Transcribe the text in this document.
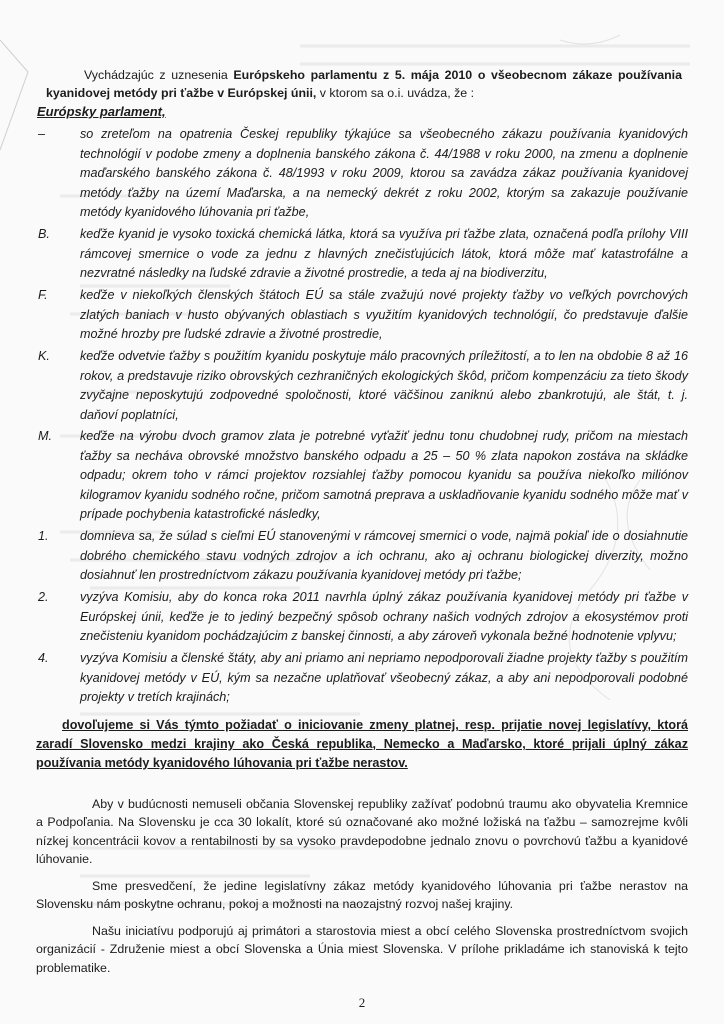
Vychádzajúc z uznesenia Európskeho parlamentu z 5. mája 2010 o všeobecnom zákaze používania kyanidovej metódy pri ťažbe v Európskej únii, v ktorom sa o.i. uvádza, že :
Európsky parlament,
–	so zreteľom na opatrenia Českej republiky týkajúce sa všeobecného zákazu používania kyanidových technológií v podobe zmeny a doplnenia banského zákona č. 44/1988 v roku 2000, na zmenu a doplnenie maďarského banského zákona č. 48/1993 v roku 2009, ktorou sa zavádza zákaz používania kyanidovej metódy ťažby na území Maďarska, a na nemecký dekrét z roku 2002, ktorým sa zakazuje používanie metódy kyanidového lúhovania pri ťažbe,
B.	keďže kyanid je vysoko toxická chemická látka, ktorá sa využíva pri ťažbe zlata, označená podľa prílohy VIII rámcovej smernice o vode za jednu z hlavných znečisťujúcich látok, ktorá môže mať katastrofálne a nezvratné následky na ľudské zdravie a životné prostredie, a teda aj na biodiverzitu,
F.	keďže v niekoľkých členských štátoch EÚ sa stále zvažujú nové projekty ťažby vo veľkých povrchových zlatých baniach v husto obývaných oblastiach s využitím kyanidových technológií, čo predstavuje ďalšie možné hrozby pre ľudské zdravie a životné prostredie,
K.	keďže odvetvie ťažby s použitím kyanidu poskytuje málo pracovných príležitostí, a to len na obdobie 8 až 16 rokov, a predstavuje riziko obrovských cezhraničných ekologických škôd, pričom kompenzáciu za tieto škody zvyčajne neposkytujú zodpovedné spoločnosti, ktoré väčšinou zaniknú alebo zbankrotujú, ale štát, t. j. daňoví poplatníci,
M.	keďže na výrobu dvoch gramov zlata je potrebné vyťažiť jednu tonu chudobnej rudy, pričom na miestach ťažby sa necháva obrovské množstvo banského odpadu a 25 – 50 % zlata napokon zostáva na skládke odpadu; okrem toho v rámci projektov rozsiahlej ťažby pomocou kyanidu sa používa niekoľko miliónov kilogramov kyanidu sodného ročne, pričom samotná preprava a uskladňovanie kyanidu sodného môže mať v prípade pochybenia katastrofické následky,
1.	domnieva sa, že súlad s cieľmi EÚ stanovenými v rámcovej smernici o vode, najmä pokiaľ ide o dosiahnutie dobrého chemického stavu vodných zdrojov a ich ochranu, ako aj ochranu biologickej diverzity, možno dosiahnuť len prostredníctvom zákazu používania kyanidovej metódy pri ťažbe;
2.	vyzýva Komisiu, aby do konca roka 2011 navrhla úplný zákaz používania kyanidovej metódy pri ťažbe v Európskej únii, keďže je to jediný bezpečný spôsob ochrany našich vodných zdrojov a ekosystémov proti znečisteniu kyanidom pochádzajúcim z banskej činnosti, a aby zároveň vykonala bežné hodnotenie vplyvu;
4.	vyzýva Komisiu a členské štáty, aby ani priamo ani nepriamo nepodporovali žiadne projekty ťažby s použitím kyanidovej metódy v EÚ, kým sa nezačne uplatňovať všeobecný zákaz, a aby ani nepodporovali podobné projekty v tretích krajinách;
dovoľujeme si Vás týmto požiadať o iniciovanie zmeny platnej, resp. prijatie novej legislatívy, ktorá zaradí Slovensko medzi krajiny ako Česká republika, Nemecko a Maďarsko, ktoré prijali úplný zákaz používania metódy kyanidového lúhovania pri ťažbe nerastov.
Aby v budúcnosti nemuseli občania Slovenskej republiky zažívať podobnú traumu ako obyvatelia Kremnice a Podpoľania. Na Slovensku je cca 30 lokalít, ktoré sú označované ako možné ložiská na ťažbu – samozrejme kvôli nízkej koncentrácii kovov a rentabilnosti by sa vysoko pravdepodobne jednalo znovu o povrchovú ťažbu a kyanidové lúhovanie.
Sme presvedčení, že jedine legislatívny zákaz metódy kyanidového lúhovania pri ťažbe nerastov na Slovensku nám poskytne ochranu, pokoj a možnosti na naozajstný rozvoj našej krajiny.
Našu iniciatívu podporujú aj primátori a starostovia miest a obcí celého Slovenska prostredníctvom svojich organizácií - Združenie miest a obcí Slovenska a Únia miest Slovenska. V prílohe prikladáme ich stanoviská k tejto problematike.
2
